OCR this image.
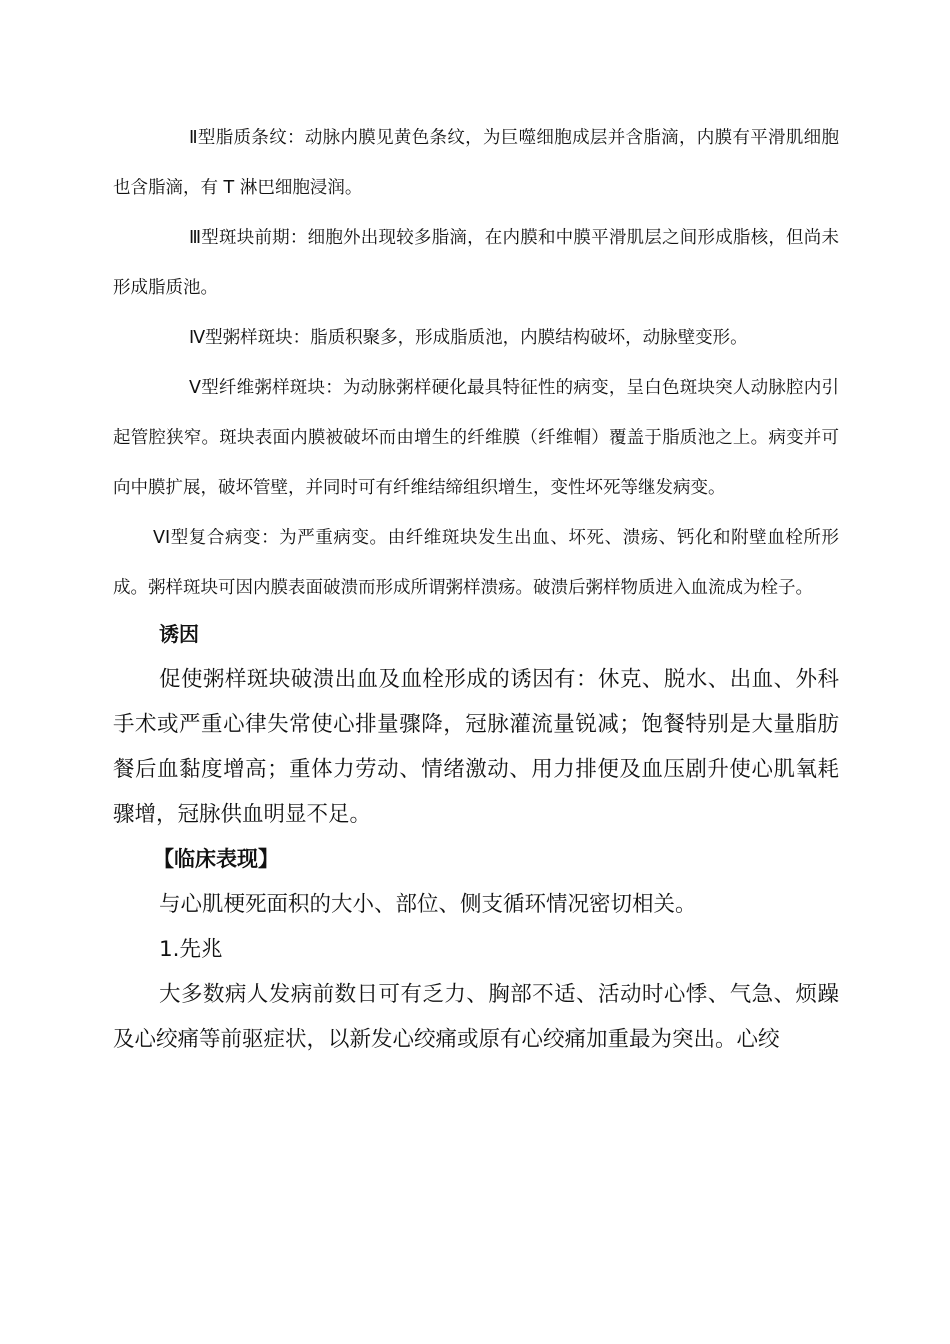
Ⅱ型脂质条纹：动脉内膜见黄色条纹，为巨噬细胞成层并含脂滴，内膜有平滑肌细胞也含脂滴，有 T 淋巴细胞浸润。

Ⅲ型斑块前期：细胞外出现较多脂滴，在内膜和中膜平滑肌层之间形成脂核，但尚未形成脂质池。

Ⅳ型粥样斑块：脂质积聚多，形成脂质池，内膜结构破坏，动脉壁变形。

Ⅴ型纤维粥样斑块：为动脉粥样硬化最具特征性的病变，呈白色斑块突人动脉腔内引起管腔狭窄。斑块表面内膜被破坏而由增生的纤维膜（纤维帽）覆盖于脂质池之上。病变并可向中膜扩展，破坏管壁，并同时可有纤维结缔组织增生，变性坏死等继发病变。

VI型复合病变：为严重病变。由纤维斑块发生出血、坏死、溃疡、钙化和附壁血栓所形成。粥样斑块可因内膜表面破溃而形成所谓粥样溃疡。破溃后粥样物质进入血流成为栓子。

诱因

促使粥样斑块破溃出血及血栓形成的诱因有：休克、脱水、出血、外科手术或严重心律失常使心排量骤降，冠脉灌流量锐减；饱餐特别是大量脂肪餐后血黏度增高；重体力劳动、情绪激动、用力排便及血压剧升使心肌氧耗骤增，冠脉供血明显不足。

【临床表现】

与心肌梗死面积的大小、部位、侧支循环情况密切相关。

1.先兆

大多数病人发病前数日可有乏力、胸部不适、活动时心悸、气急、烦躁及心绞痛等前驱症状，以新发心绞痛或原有心绞痛加重最为突出。心绞
